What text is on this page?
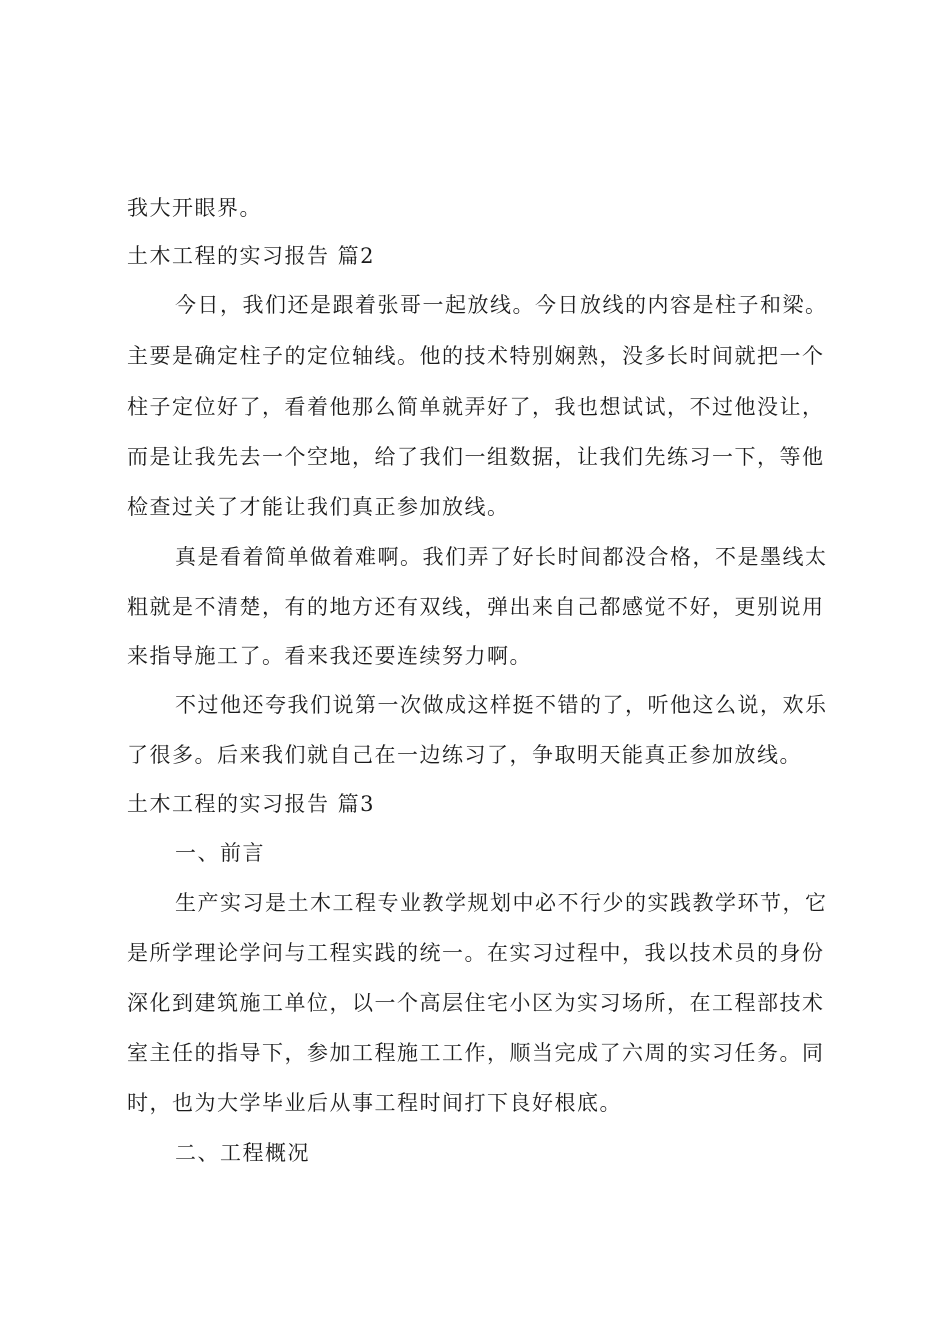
我大开眼界。
土木工程的实习报告 篇2
今日，我们还是跟着张哥一起放线。今日放线的内容是柱子和梁。
主要是确定柱子的定位轴线。他的技术特别娴熟，没多长时间就把一个
柱子定位好了，看着他那么简单就弄好了，我也想试试，不过他没让，
而是让我先去一个空地，给了我们一组数据，让我们先练习一下，等他
检查过关了才能让我们真正参加放线。
真是看着简单做着难啊。我们弄了好长时间都没合格，不是墨线太
粗就是不清楚，有的地方还有双线，弹出来自己都感觉不好，更别说用
来指导施工了。看来我还要连续努力啊。
不过他还夸我们说第一次做成这样挺不错的了，听他这么说，欢乐
了很多。后来我们就自己在一边练习了，争取明天能真正参加放线。
土木工程的实习报告 篇3
一、前言
生产实习是土木工程专业教学规划中必不行少的实践教学环节，它
是所学理论学问与工程实践的统一。在实习过程中，我以技术员的身份
深化到建筑施工单位，以一个高层住宅小区为实习场所，在工程部技术
室主任的指导下，参加工程施工工作，顺当完成了六周的实习任务。同
时，也为大学毕业后从事工程时间打下良好根底。
二、工程概况
